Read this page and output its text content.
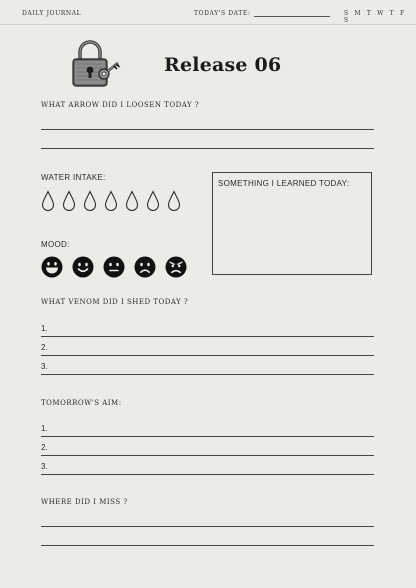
DAILY JOURNAL	TODAY'S DATE:	S M T W T F S
Release 06
WHAT ARROW DID I LOOSEN TODAY ?
WATER INTAKE:
SOMETHING I LEARNED TODAY:
MOOD:
WHAT VENOM DID I SHED TODAY ?
1.
2.
3.
TOMORROW'S AIM:
1.
2.
3.
WHERE DID I MISS ?
